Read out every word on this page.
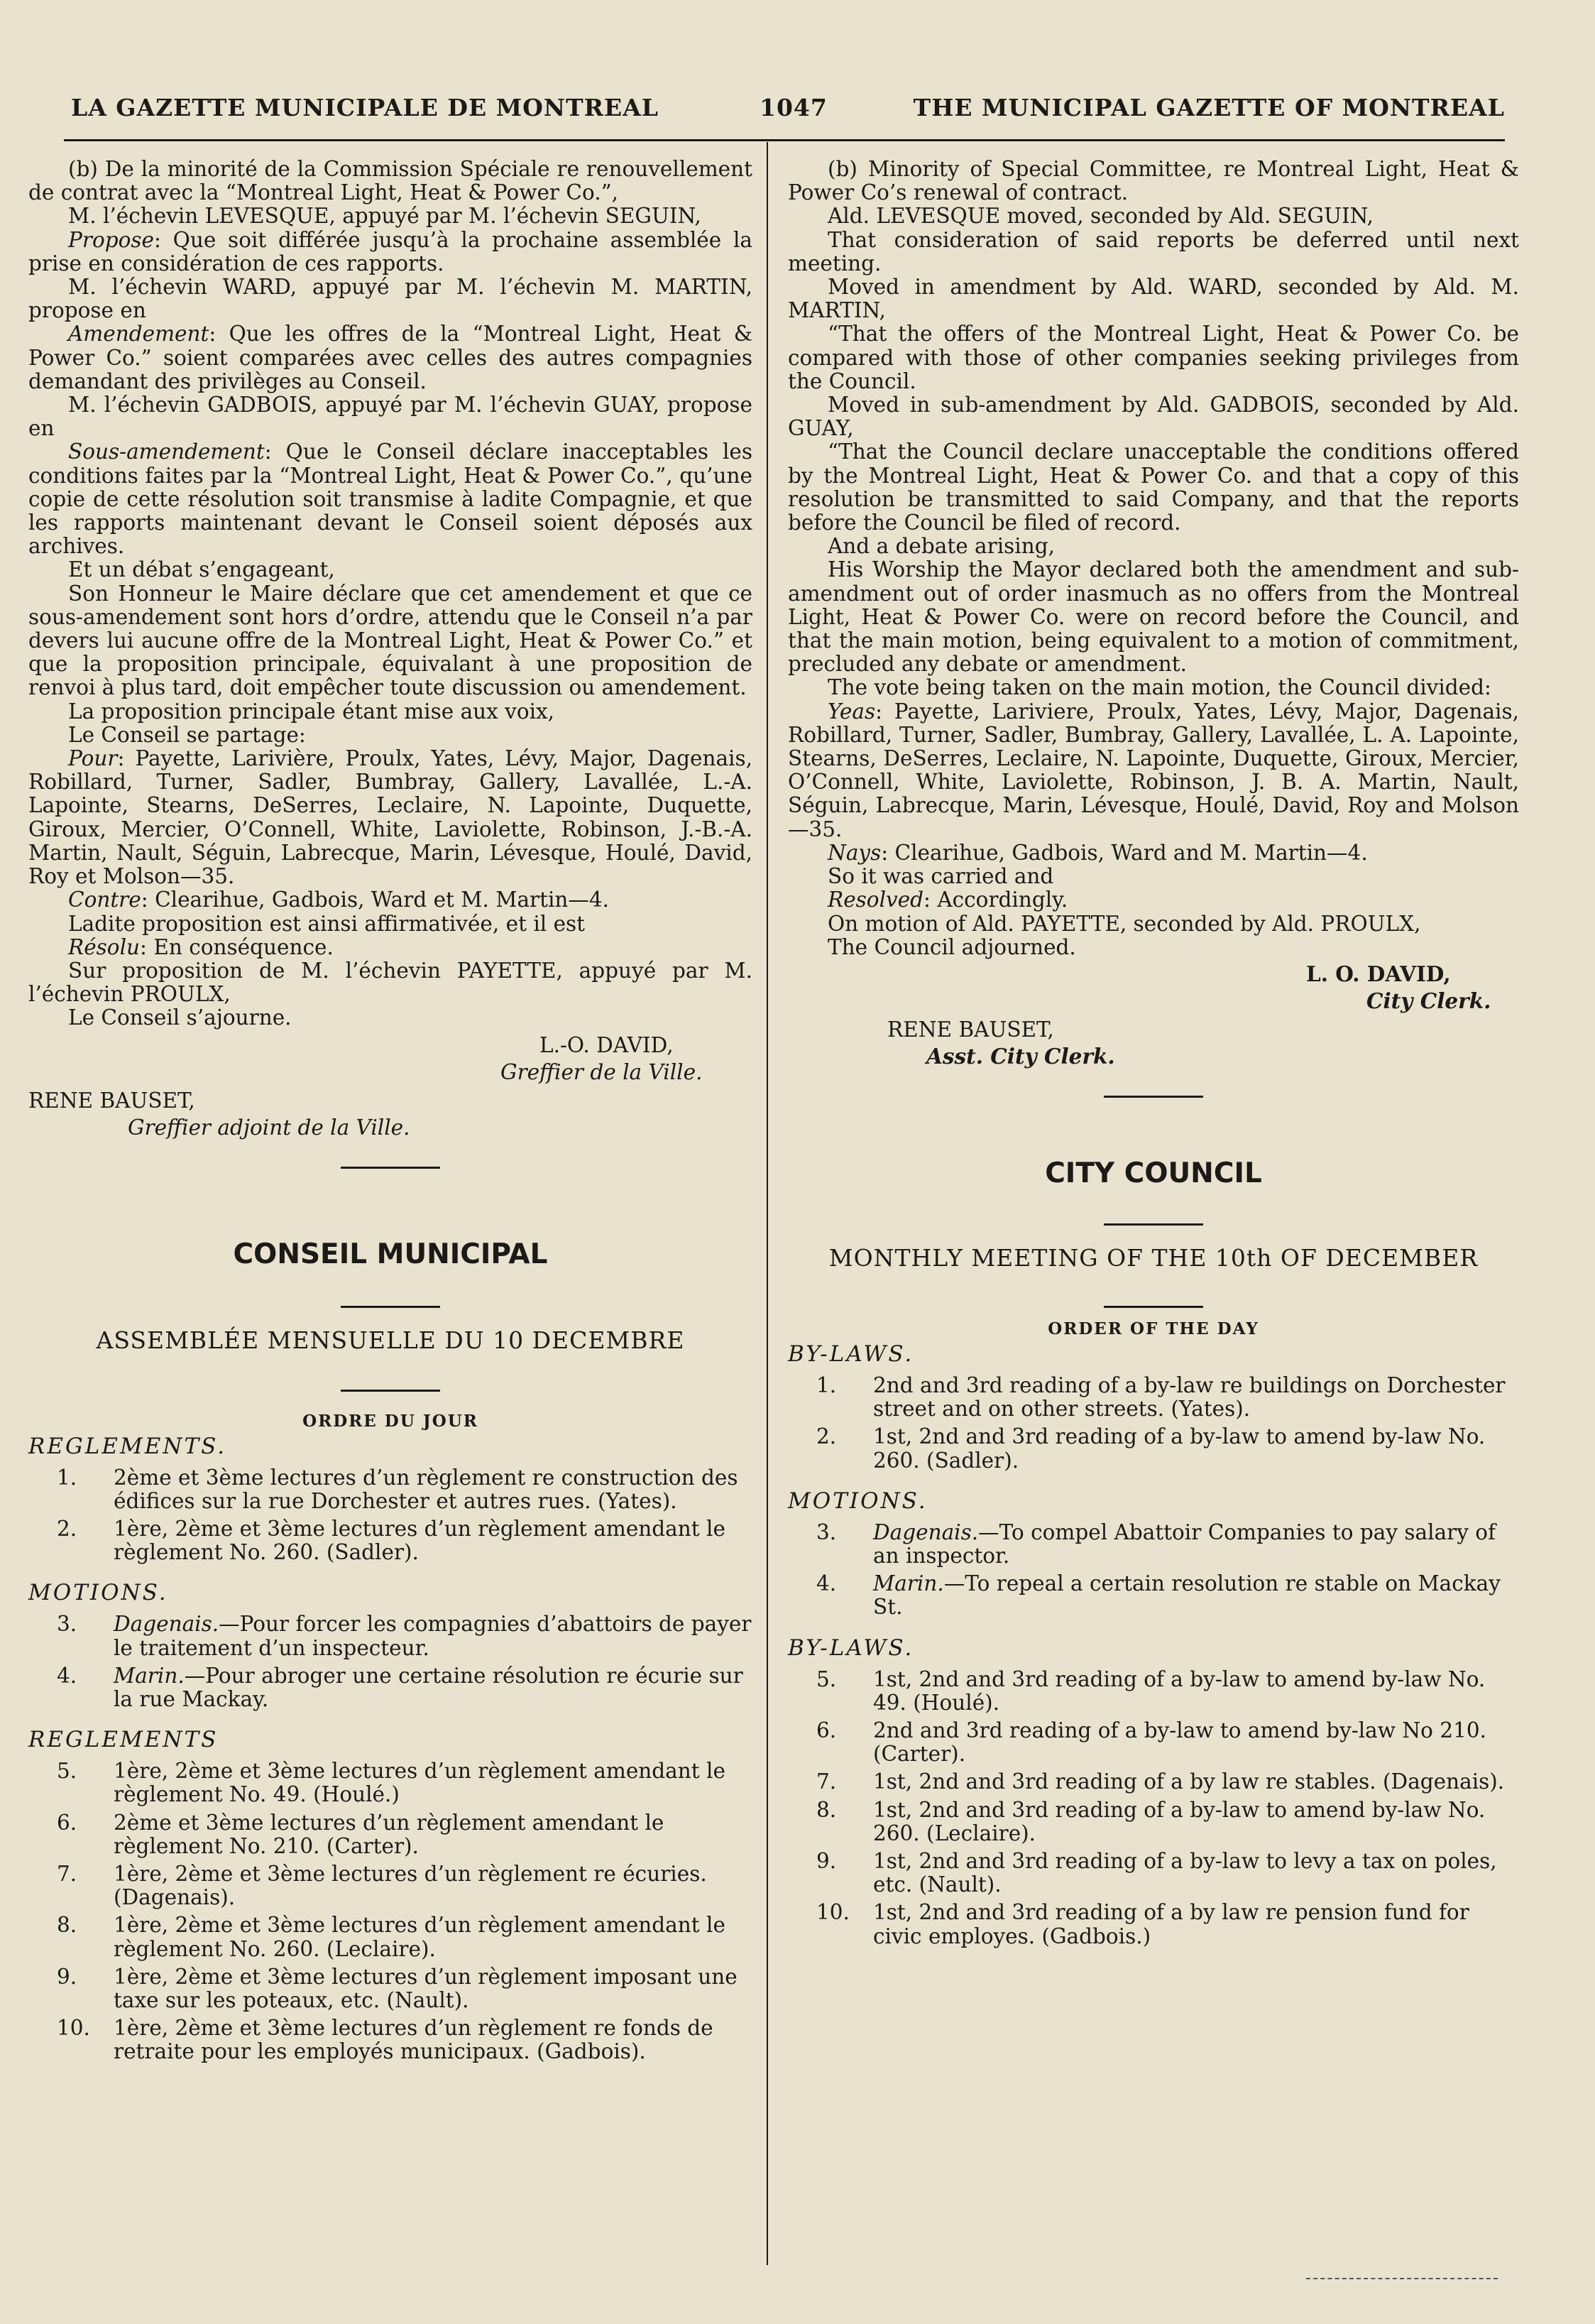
LA GAZETTE MUNICIPALE DE MONTREAL	1047	THE MUNICIPAL GAZETTE OF MONTREAL

(b) De la minorité de la Commission Spéciale re renouvellement de contrat avec la “Montreal Light, Heat & Power Co.”,

M. l’échevin LEVESQUE, appuyé par M. l’échevin SEGUIN,

Propose: Que soit différée jusqu’à la prochaine assemblée la prise en considération de ces rapports.

M. l’échevin WARD, appuyé par M. l’échevin M. MARTIN, propose en

Amendement: Que les offres de la “Montreal Light, Heat & Power Co.” soient comparées avec celles des autres compagnies demandant des privilèges au Conseil.

M. l’échevin GADBOIS, appuyé par M. l’échevin GUAY, propose en

Sous-amendement: Que le Conseil déclare inacceptables les conditions faites par la “Montreal Light, Heat & Power Co.”, qu’une copie de cette résolution soit transmise à ladite Compagnie, et que les rapports maintenant devant le Conseil soient déposés aux archives.

Et un débat s’engageant,

Son Honneur le Maire déclare que cet amendement et que ce sous-amendement sont hors d’ordre, attendu que le Conseil n’a par devers lui aucune offre de la Montreal Light, Heat & Power Co.” et que la proposition principale, équivalant à une proposition de renvoi à plus tard, doit empêcher toute discussion ou amendement.

La proposition principale étant mise aux voix,

Le Conseil se partage:

Pour: Payette, Larivière, Proulx, Yates, Lévy, Major, Dagenais, Robillard, Turner, Sadler, Bumbray, Gallery, Lavallée, L.-A. Lapointe, Stearns, DeSerres, Leclaire, N. Lapointe, Duquette, Giroux, Mercier, O’Connell, White, Laviolette, Robinson, J.-B.-A. Martin, Nault, Séguin, Labrecque, Marin, Lévesque, Houlé, David, Roy et Molson—35.

Contre: Clearihue, Gadbois, Ward et M. Martin—4.

Ladite proposition est ainsi affirmativée, et il est

Résolu: En conséquence.

Sur proposition de M. l’échevin PAYETTE, appuyé par M. l’échevin PROULX,

Le Conseil s’ajourne.

L.-O. DAVID,
Greffier de la Ville.
RENE BAUSET,
Greffier adjoint de la Ville.
CONSEIL MUNICIPAL
ASSEMBLÉE MENSUELLE DU 10 DECEMBRE
ORDRE DU JOUR

REGLEMENTS.

1. 2ème et 3ème lectures d’un règlement re construction des édifices sur la rue Dorchester et autres rues. (Yates).

2. 1ère, 2ème et 3ème lectures d’un règlement amendant le règlement No. 260. (Sadler).

MOTIONS.

3. Dagenais.—Pour forcer les compagnies d’abattoirs de payer le traitement d’un inspecteur.

4. Marin.—Pour abroger une certaine résolution re écurie sur la rue Mackay.

REGLEMENTS

5. 1ère, 2ème et 3ème lectures d’un règlement amendant le règlement No. 49. (Houlé.)

6. 2ème et 3ème lectures d’un règlement amendant le règlement No. 210. (Carter).

7. 1ère, 2ème et 3ème lectures d’un règlement re écuries. (Dagenais).

8. 1ère, 2ème et 3ème lectures d’un règlement amendant le règlement No. 260. (Leclaire).

9. 1ère, 2ème et 3ème lectures d’un règlement imposant une taxe sur les poteaux, etc. (Nault).

10. 1ère, 2ème et 3ème lectures d’un règlement re fonds de retraite pour les employés municipaux. (Gadbois).

(b) Minority of Special Committee, re Montreal Light, Heat & Power Co’s renewal of contract.

Ald. LEVESQUE moved, seconded by Ald. SEGUIN,

That consideration of said reports be deferred until next meeting.

Moved in amendment by Ald. WARD, seconded by Ald. M. MARTIN,

“That the offers of the Montreal Light, Heat & Power Co. be compared with those of other companies seeking privileges from the Council.

Moved in sub-amendment by Ald. GADBOIS, seconded by Ald. GUAY,

“That the Council declare unacceptable the conditions offered by the Montreal Light, Heat & Power Co. and that a copy of this resolution be transmitted to said Company, and that the reports before the Council be filed of record.

And a debate arising,

His Worship the Mayor declared both the amendment and sub-amendment out of order inasmuch as no offers from the Montreal Light, Heat & Power Co. were on record before the Council, and that the main motion, being equivalent to a motion of commitment, precluded any debate or amendment.

The vote being taken on the main motion, the Council divided:

Yeas: Payette, Lariviere, Proulx, Yates, Lévy, Major, Dagenais, Robillard, Turner, Sadler, Bumbray, Gallery, Lavallée, L. A. Lapointe, Stearns, DeSerres, Leclaire, N. Lapointe, Duquette, Giroux, Mercier, O’Connell, White, Laviolette, Robinson, J. B. A. Martin, Nault, Séguin, Labrecque, Marin, Lévesque, Houlé, David, Roy and Molson—35.

Nays: Clearihue, Gadbois, Ward and M. Martin—4.

So it was carried and

Resolved: Accordingly.

On motion of Ald. PAYETTE, seconded by Ald. PROULX,

The Council adjourned.

L. O. DAVID,
City Clerk.
RENE BAUSET,
Asst. City Clerk.
CITY COUNCIL
MONTHLY MEETING OF THE 10th OF DECEMBER
ORDER OF THE DAY

BY-LAWS.

1. 2nd and 3rd reading of a by-law re buildings on Dorchester street and on other streets. (Yates).

2. 1st, 2nd and 3rd reading of a by-law to amend by-law No. 260. (Sadler).

MOTIONS.

3. Dagenais.—To compel Abattoir Companies to pay salary of an inspector.

4. Marin.—To repeal a certain resolution re stable on Mackay St.

BY-LAWS.

5. 1st, 2nd and 3rd reading of a by-law to amend by-law No. 49. (Houlé).

6. 2nd and 3rd reading of a by-law to amend by-law No 210. (Carter).

7. 1st, 2nd and 3rd reading of a by law re stables. (Dagenais).

8. 1st, 2nd and 3rd reading of a by-law to amend by-law No. 260. (Leclaire).

9. 1st, 2nd and 3rd reading of a by-law to levy a tax on poles, etc. (Nault).

10. 1st, 2nd and 3rd reading of a by law re pension fund for civic employes. (Gadbois.)
